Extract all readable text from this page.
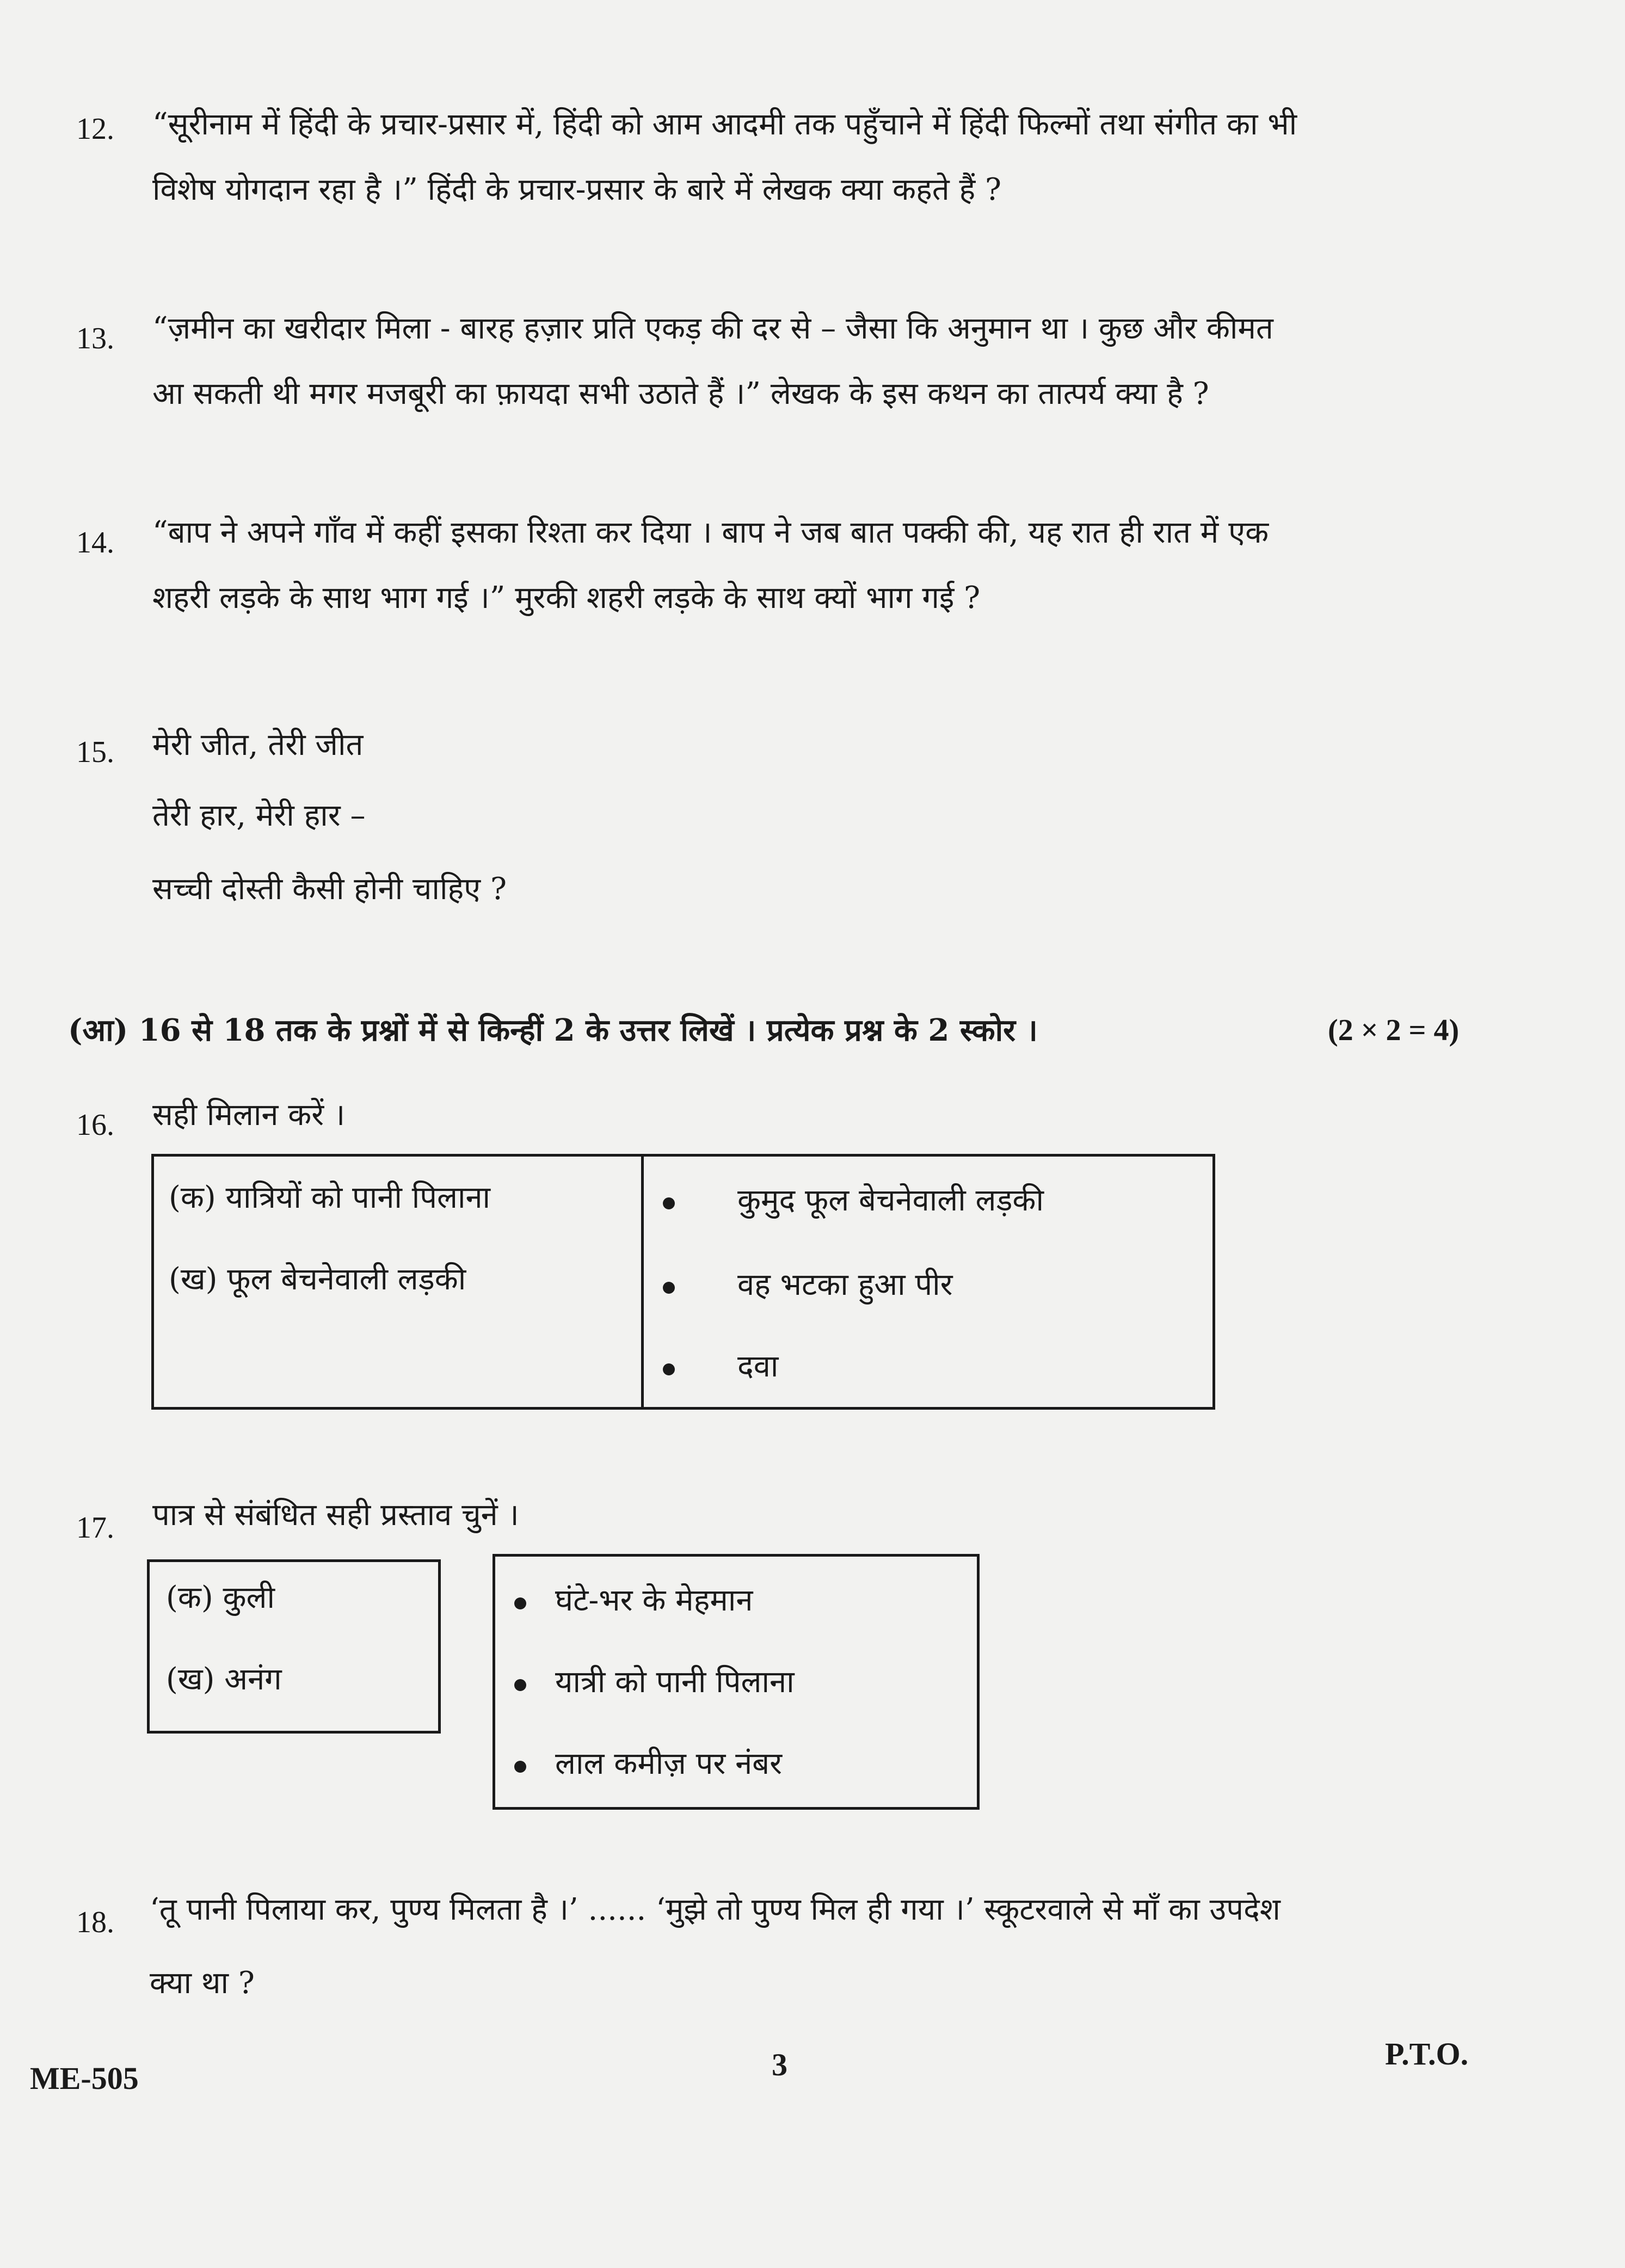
12. “सूरीनाम में हिंदी के प्रचार-प्रसार में, हिंदी को आम आदमी तक पहुँचाने में हिंदी फिल्मों तथा संगीत का भी
विशेष योगदान रहा है ।” हिंदी के प्रचार-प्रसार के बारे में लेखक क्या कहते हैं ?
13. “ज़मीन का खरीदार मिला - बारह हज़ार प्रति एकड़ की दर से – जैसा कि अनुमान था । कुछ और कीमत
आ सकती थी मगर मजबूरी का फ़ायदा सभी उठाते हैं ।” लेखक के इस कथन का तात्पर्य क्या है ?
14. “बाप ने अपने गाँव में कहीं इसका रिश्ता कर दिया । बाप ने जब बात पक्की की, यह रात ही रात में एक
शहरी लड़के के साथ भाग गई ।” मुरकी शहरी लड़के के साथ क्यों भाग गई ?
15. मेरी जीत, तेरी जीत
तेरी हार, मेरी हार –
सच्ची दोस्ती कैसी होनी चाहिए ?
(आ) 16 से 18 तक के प्रश्नों में से किन्हीं 2 के उत्तर लिखें । प्रत्येक प्रश्न के 2 स्कोर ।	(2 × 2 = 4)
16. सही मिलान करें ।
(क) यात्रियों को पानी पिलाना
(ख) फूल बेचनेवाली लड़की
कुमुद फूल बेचनेवाली लड़की
वह भटका हुआ पीर
दवा
17. पात्र से संबंधित सही प्रस्ताव चुनें ।
(क) कुली
(ख) अनंग
घंटे-भर के मेहमान
यात्री को पानी पिलाना
लाल कमीज़ पर नंबर
18. ‘तू पानी पिलाया कर, पुण्य मिलता है ।’ ...... ‘मुझे तो पुण्य मिल ही गया ।’ स्कूटरवाले से माँ का उपदेश
क्या था ?
ME-505	3	P.T.O.
